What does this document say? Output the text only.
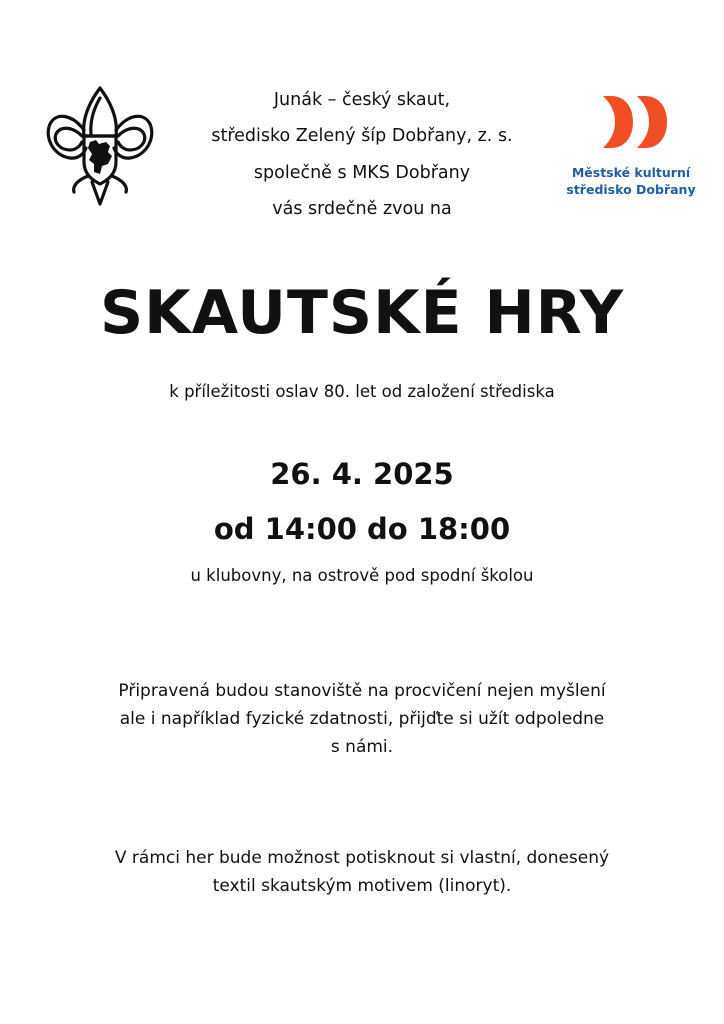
Junák – český skaut,
středisko Zelený šíp Dobřany, z. s.
společně s MKS Dobřany
vás srdečně zvou na
Městské kulturní
středisko Dobřany
SKAUTSKÉ HRY
k příležitosti oslav 80. let od založení střediska
26. 4. 2025
od 14:00 do 18:00
u klubovny, na ostrově pod spodní školou
Připravená budou stanoviště na procvičení nejen myšlení
ale i například fyzické zdatnosti, přijďte si užít odpoledne
s námi.
V rámci her bude možnost potisknout si vlastní, donesený
textil skautským motivem (linoryt).
